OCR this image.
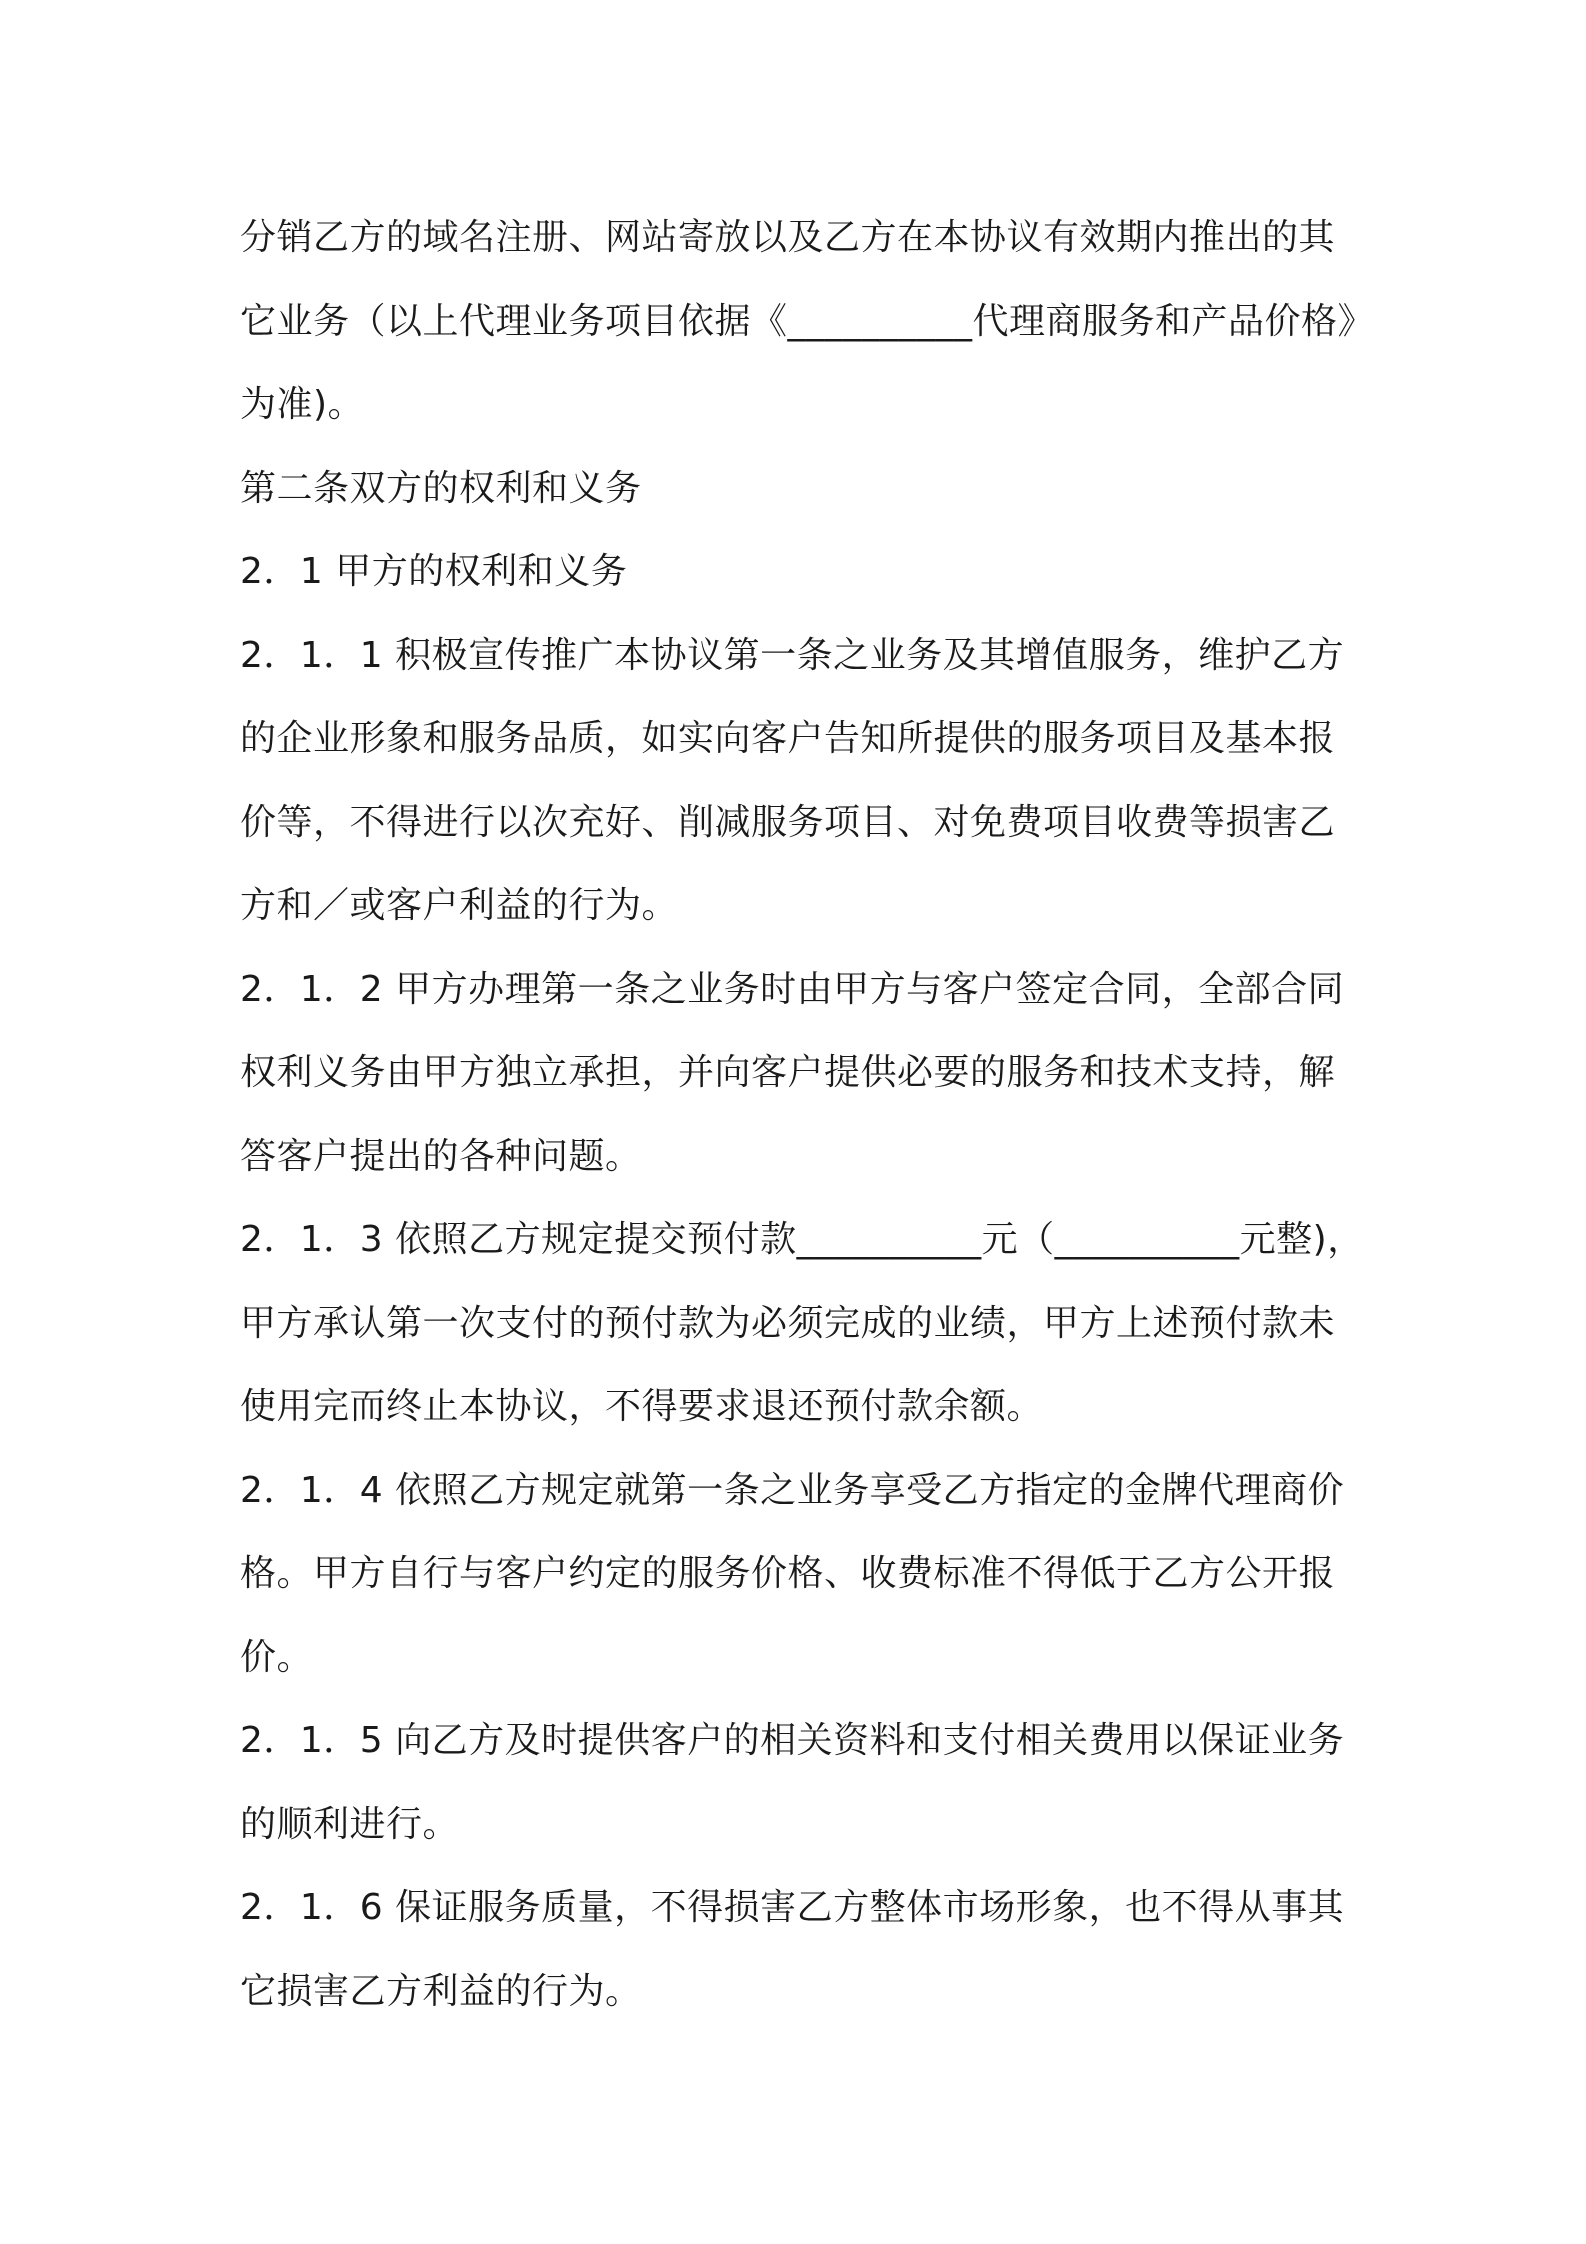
分销乙方的域名注册、网站寄放以及乙方在本协议有效期内推出的其
它业务（以上代理业务项目依据《__________代理商服务和产品价格》
为准)。
第二条双方的权利和义务
2．1 甲方的权利和义务
2．1．1 积极宣传推广本协议第一条之业务及其增值服务，维护乙方
的企业形象和服务品质，如实向客户告知所提供的服务项目及基本报
价等，不得进行以次充好、削减服务项目、对免费项目收费等损害乙
方和／或客户利益的行为。
2．1．2 甲方办理第一条之业务时由甲方与客户签定合同，全部合同
权利义务由甲方独立承担，并向客户提供必要的服务和技术支持，解
答客户提出的各种问题。
2．1．3 依照乙方规定提交预付款__________元（__________元整)，
甲方承认第一次支付的预付款为必须完成的业绩，甲方上述预付款未
使用完而终止本协议，不得要求退还预付款余额。
2．1．4 依照乙方规定就第一条之业务享受乙方指定的金牌代理商价
格。甲方自行与客户约定的服务价格、收费标准不得低于乙方公开报
价。
2．1．5 向乙方及时提供客户的相关资料和支付相关费用以保证业务
的顺利进行。
2．1．6 保证服务质量，不得损害乙方整体市场形象，也不得从事其
它损害乙方利益的行为。
